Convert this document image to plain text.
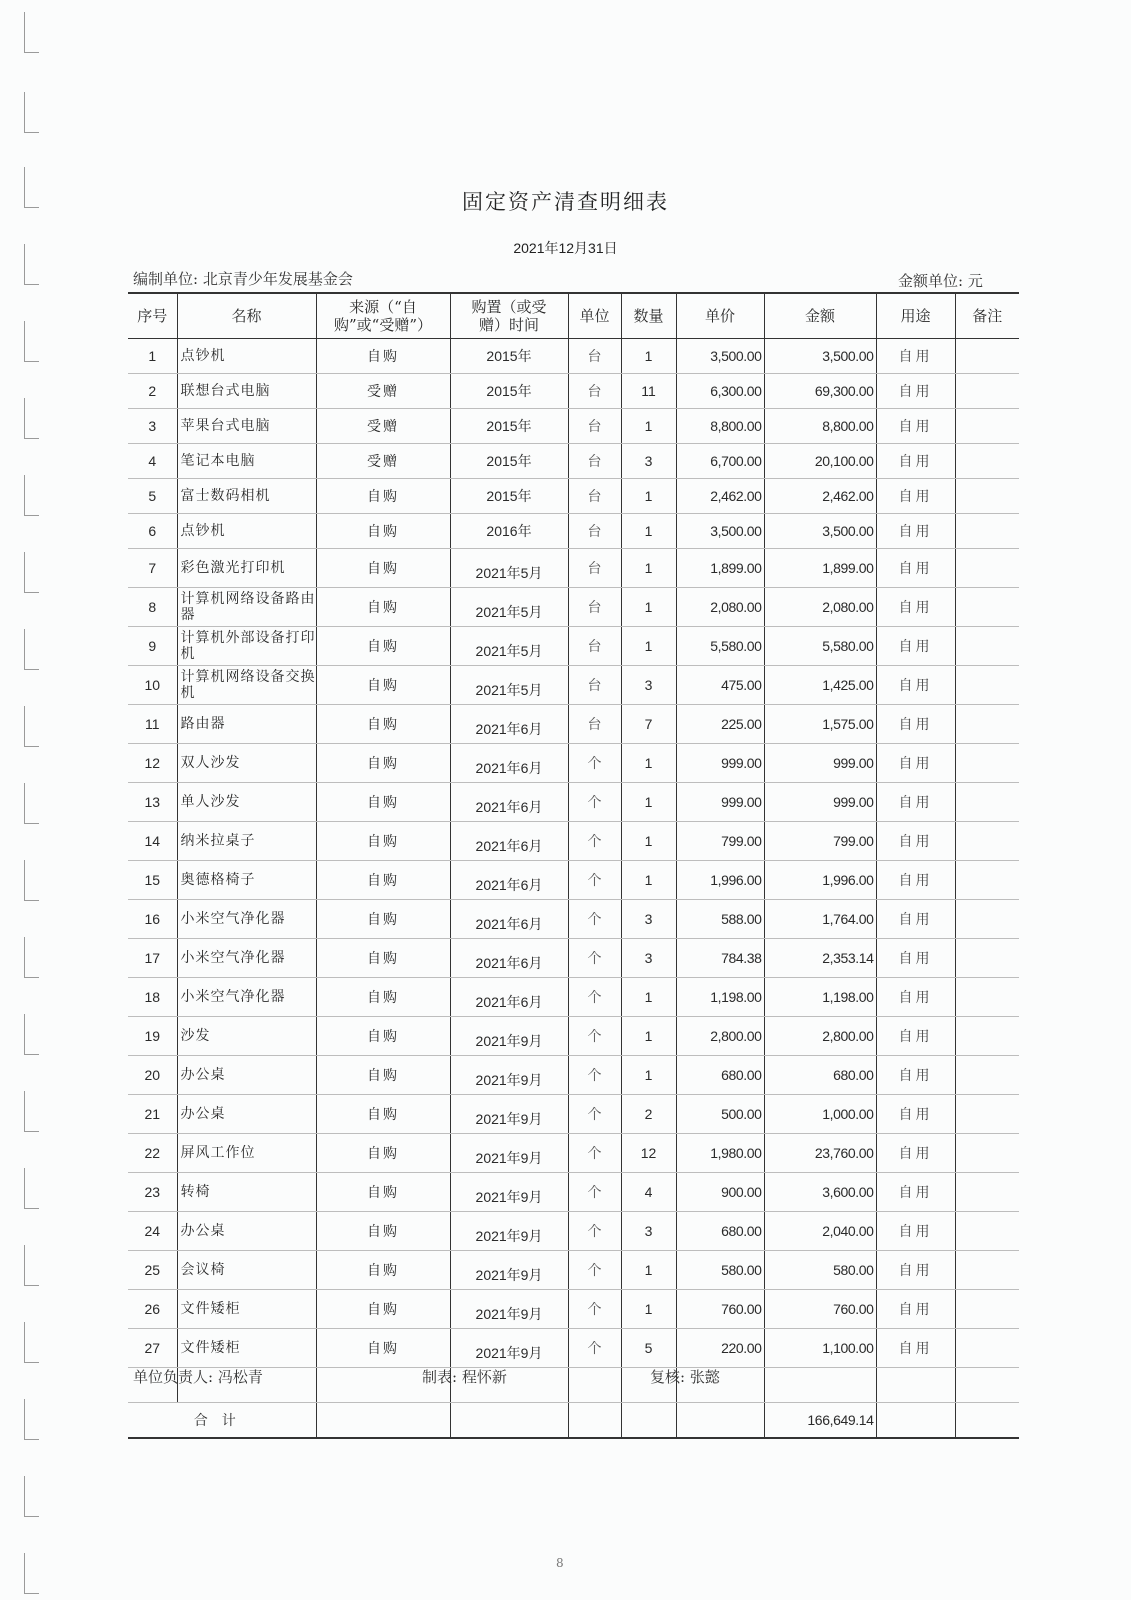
固定资产清查明细表
2021年12月31日
编制单位: 北京青少年发展基金会	金额单位: 元
序号	名称	来源（“自购”或“受赠”）	购置（或受赠）时间	单位	数量	单价	金额	用途	备注
1	点钞机	自购	2015年	台	1	3,500.00	3,500.00	自用	
2	联想台式电脑	受赠	2015年	台	11	6,300.00	69,300.00	自用	
3	苹果台式电脑	受赠	2015年	台	1	8,800.00	8,800.00	自用	
4	笔记本电脑	受赠	2015年	台	3	6,700.00	20,100.00	自用	
5	富士数码相机	自购	2015年	台	1	2,462.00	2,462.00	自用	
6	点钞机	自购	2016年	台	1	3,500.00	3,500.00	自用	
7	彩色激光打印机	自购	2021年5月	台	1	1,899.00	1,899.00	自用	
8	计算机网络设备路由器	自购	2021年5月	台	1	2,080.00	2,080.00	自用	
9	计算机外部设备打印机	自购	2021年5月	台	1	5,580.00	5,580.00	自用	
10	计算机网络设备交换机	自购	2021年5月	台	3	475.00	1,425.00	自用	
11	路由器	自购	2021年6月	台	7	225.00	1,575.00	自用	
12	双人沙发	自购	2021年6月	个	1	999.00	999.00	自用	
13	单人沙发	自购	2021年6月	个	1	999.00	999.00	自用	
14	纳米拉桌子	自购	2021年6月	个	1	799.00	799.00	自用	
15	奥德格椅子	自购	2021年6月	个	1	1,996.00	1,996.00	自用	
16	小米空气净化器	自购	2021年6月	个	3	588.00	1,764.00	自用	
17	小米空气净化器	自购	2021年6月	个	3	784.38	2,353.14	自用	
18	小米空气净化器	自购	2021年6月	个	1	1,198.00	1,198.00	自用	
19	沙发	自购	2021年9月	个	1	2,800.00	2,800.00	自用	
20	办公桌	自购	2021年9月	个	1	680.00	680.00	自用	
21	办公桌	自购	2021年9月	个	2	500.00	1,000.00	自用	
22	屏风工作位	自购	2021年9月	个	12	1,980.00	23,760.00	自用	
23	转椅	自购	2021年9月	个	4	900.00	3,600.00	自用	
24	办公桌	自购	2021年9月	个	3	680.00	2,040.00	自用	
25	会议椅	自购	2021年9月	个	1	580.00	580.00	自用	
26	文件矮柜	自购	2021年9月	个	1	760.00	760.00	自用	
27	文件矮柜	自购	2021年9月	个	5	220.00	1,100.00	自用	

合计							166,649.14		
单位负责人: 冯松青	制表: 程怀新	复核: 张懿
8
